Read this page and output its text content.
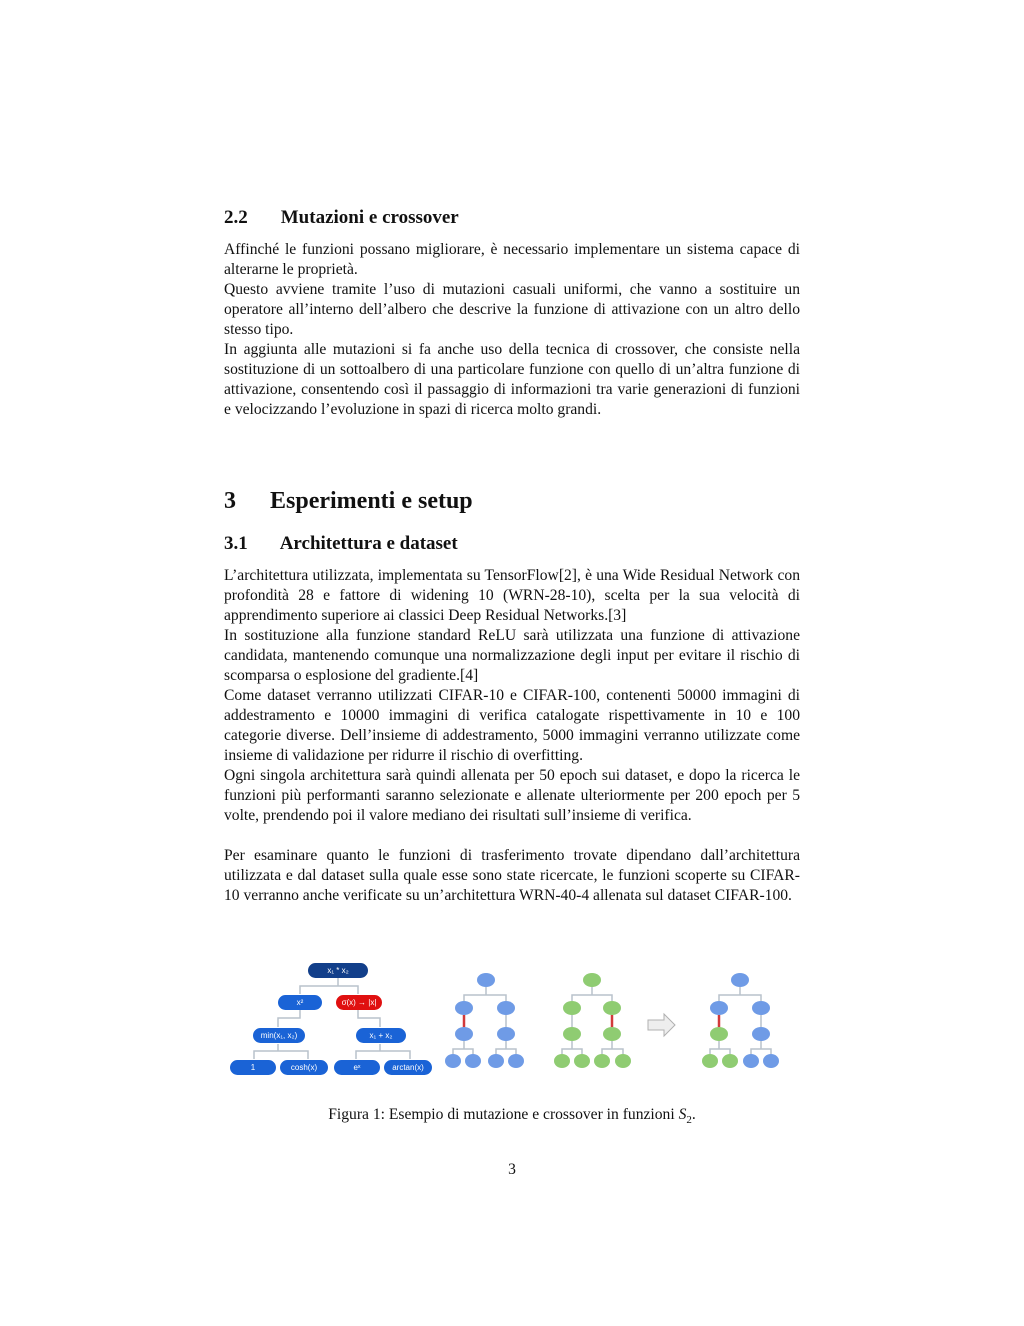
2.2 Mutazioni e crossover

Affinché le funzioni possano migliorare, è necessario implementare un sistema capace di alterarne le proprietà.

Questo avviene tramite l’uso di mutazioni casuali uniformi, che vanno a sostituire un operatore all’interno dell’albero che descrive la funzione di attivazione con un altro dello stesso tipo.

In aggiunta alle mutazioni si fa anche uso della tecnica di crossover, che consiste nella sostituzione di un sottoalbero di una particolare funzione con quello di un’altra funzione di attivazione, consentendo così il passaggio di informazioni tra varie generazioni di funzioni e velocizzando l’evoluzione in spazi di ricerca molto grandi.

3 Esperimenti e setup
3.1 Architettura e dataset

L’architettura utilizzata, implementata su TensorFlow[2], è una Wide Residual Network con profondità 28 e fattore di widening 10 (WRN-28-10), scelta per la sua velocità di apprendimento superiore ai classici Deep Residual Networks.[3]

In sostituzione alla funzione standard ReLU sarà utilizzata una funzione di attivazione candidata, mantenendo comunque una normalizzazione degli input per evitare il rischio di scomparsa o esplosione del gradiente.[4]

Come dataset verranno utilizzati CIFAR-10 e CIFAR-100, contenenti 50000 immagini di addestramento e 10000 immagini di verifica catalogate rispettivamente in 10 e 100 categorie diverse. Dell’insieme di addestramento, 5000 immagini verranno utilizzate come insieme di validazione per ridurre il rischio di overfitting.

Ogni singola architettura sarà quindi allenata per 50 epoch sui dataset, e dopo la ricerca le funzioni più performanti saranno selezionate e allenate ulteriormente per 200 epoch per 5 volte, prendendo poi il valore mediano dei risultati sull’insieme di verifica.

Per esaminare quanto le funzioni di trasferimento trovate dipendano dall’architettura utilizzata e dal dataset sulla quale esse sono state ricercate, le funzioni scoperte su CIFAR-10 verranno anche verificate su un’architettura WRN-40-4 allenata sul dataset CIFAR-100.

Figura 1: Esempio di mutazione e crossover in funzioni $S_2$.
3
x₁ * x₂
x²	σ(x) → |x|
min(x₁, x₂)	x₁ + x₂
1	cosh(x)	eˣ	arctan(x)
